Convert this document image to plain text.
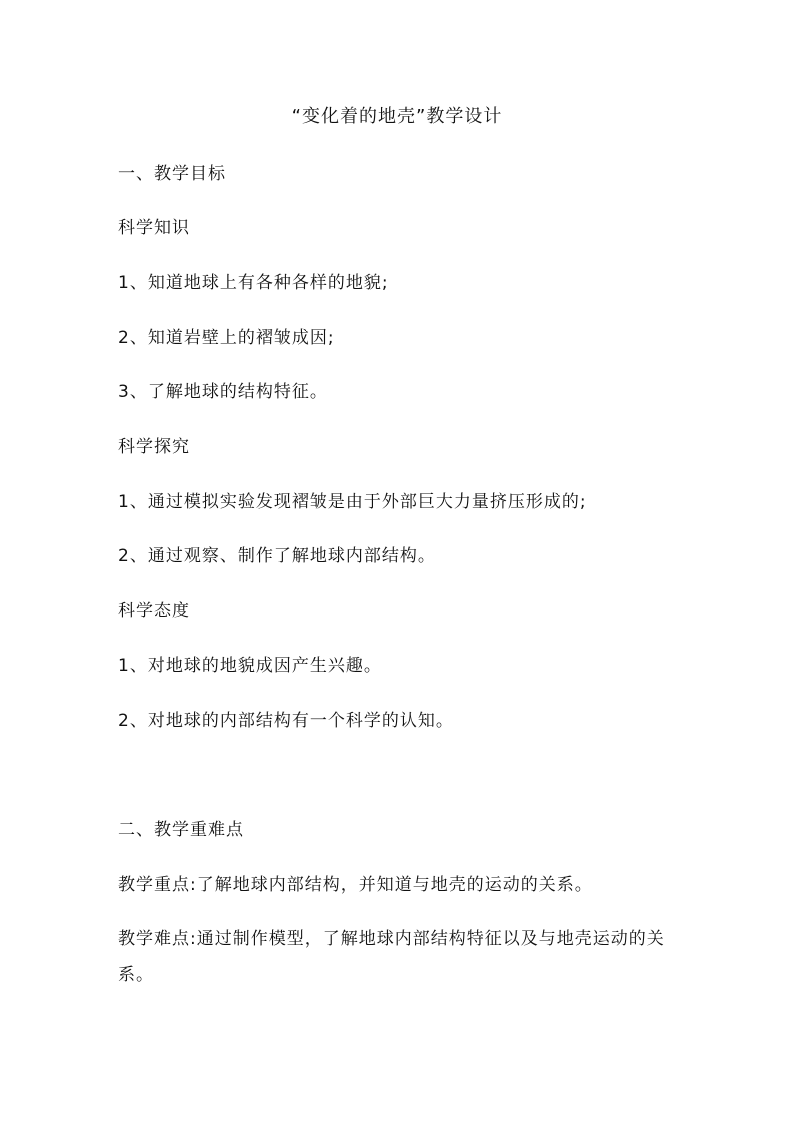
“变化着的地壳”教学设计
一、教学目标
科学知识
1、知道地球上有各种各样的地貌;
2、知道岩壁上的褶皱成因;
3、了解地球的结构特征。
科学探究
1、通过模拟实验发现褶皱是由于外部巨大力量挤压形成的;
2、通过观察、制作了解地球内部结构。
科学态度
1、对地球的地貌成因产生兴趣。
2、对地球的内部结构有一个科学的认知。
二、教学重难点
教学重点:了解地球内部结构，并知道与地壳的运动的关系。
教学难点:通过制作模型，了解地球内部结构特征以及与地壳运动的关系。
